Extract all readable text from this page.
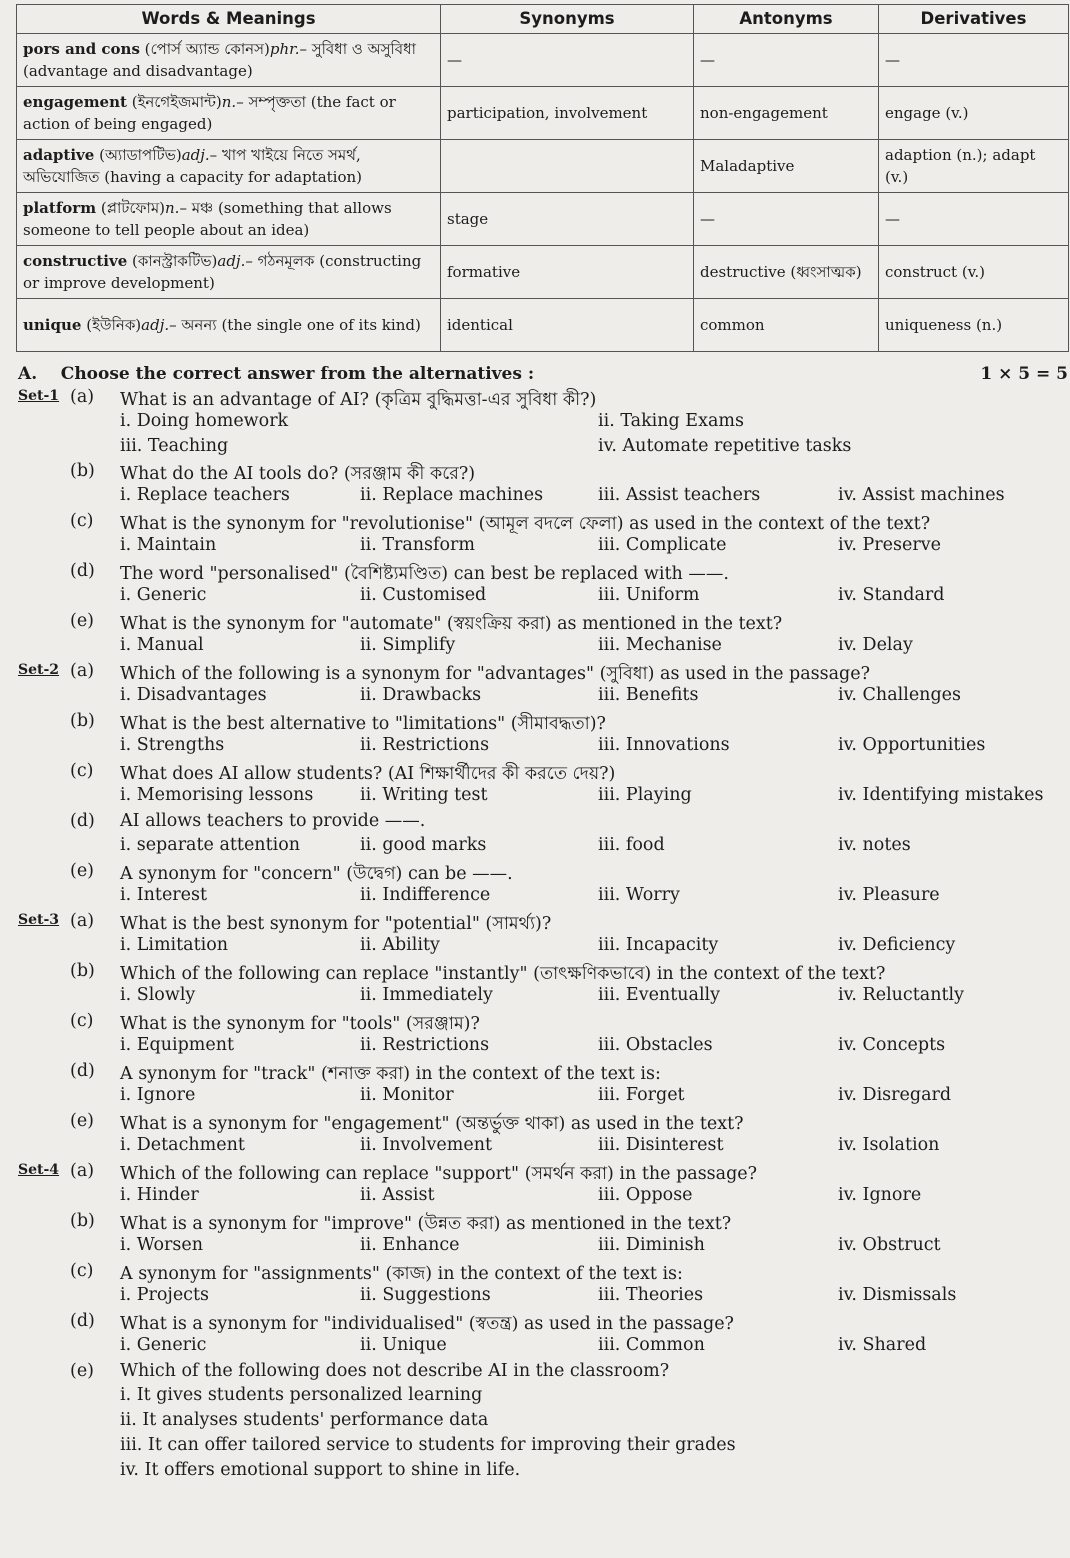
Words & Meanings	Synonyms	Antonyms	Derivatives
pors and cons (পোৰ্স অ্যান্ড কোনস)phr.– সুবিধা ও অসুবিধা (advantage and disadvantage)	—	—	—
engagement (ইনগেইজমান্ট)n.– সম্পৃক্ততা (the fact or action of being engaged)	participation, involvement	non-engagement	engage (v.)
adaptive (অ্যাডাপটিভ)adj.– খাপ খাইয়ে নিতে সমর্থ, অভিযোজিত (having a capacity for adaptation)		Maladaptive	adaption (n.); adapt (v.)
platform (প্লাটফোম)n.– মঞ্চ (something that allows someone to tell people about an idea)	stage	—	—
constructive (কানস্ট্রাকটিভ)adj.– গঠনমূলক (constructing or improve development)	formative	destructive (ধ্বংসাত্মক)	construct (v.)
unique (ইউনিক)adj.– অনন্য (the single one of its kind)	identical	common	uniqueness (n.)
A. Choose the correct answer from the alternatives :	1 × 5 = 5
Set-1 (a) What is an advantage of AI? (কৃত্রিম বুদ্ধিমত্তা-এর সুবিধা কী?)
i. Doing homework	ii. Taking Exams
iii. Teaching	iv. Automate repetitive tasks
(b) What do the AI tools do? (সরঞ্জাম কী করে?)
i. Replace teachers	ii. Replace machines	iii. Assist teachers	iv. Assist machines
(c) What is the synonym for "revolutionise" (আমূল বদলে ফেলা) as used in the context of the text?
i. Maintain	ii. Transform	iii. Complicate	iv. Preserve
(d) The word "personalised" (বৈশিষ্ট্যমণ্ডিত) can best be replaced with ——.
i. Generic	ii. Customised	iii. Uniform	iv. Standard
(e) What is the synonym for "automate" (স্বয়ংক্রিয় করা) as mentioned in the text?
i. Manual	ii. Simplify	iii. Mechanise	iv. Delay
Set-2 (a) Which of the following is a synonym for "advantages" (সুবিধা) as used in the passage?
i. Disadvantages	ii. Drawbacks	iii. Benefits	iv. Challenges
(b) What is the best alternative to "limitations" (সীমাবদ্ধতা)?
i. Strengths	ii. Restrictions	iii. Innovations	iv. Opportunities
(c) What does AI allow students? (AI শিক্ষার্থীদের কী করতে দেয়?)
i. Memorising lessons	ii. Writing test	iii. Playing	iv. Identifying mistakes
(d) AI allows teachers to provide ——.
i. separate attention	ii. good marks	iii. food	iv. notes
(e) A synonym for "concern" (উদ্বেগ) can be ——.
i. Interest	ii. Indifference	iii. Worry	iv. Pleasure
Set-3 (a) What is the best synonym for "potential" (সামর্থ্য)?
i. Limitation	ii. Ability	iii. Incapacity	iv. Deficiency
(b) Which of the following can replace "instantly" (তাৎক্ষণিকভাবে) in the context of the text?
i. Slowly	ii. Immediately	iii. Eventually	iv. Reluctantly
(c) What is the synonym for "tools" (সরঞ্জাম)?
i. Equipment	ii. Restrictions	iii. Obstacles	iv. Concepts
(d) A synonym for "track" (শনাক্ত করা) in the context of the text is:
i. Ignore	ii. Monitor	iii. Forget	iv. Disregard
(e) What is a synonym for "engagement" (অন্তর্ভুক্ত থাকা) as used in the text?
i. Detachment	ii. Involvement	iii. Disinterest	iv. Isolation
Set-4 (a) Which of the following can replace "support" (সমর্থন করা) in the passage?
i. Hinder	ii. Assist	iii. Oppose	iv. Ignore
(b) What is a synonym for "improve" (উন্নত করা) as mentioned in the text?
i. Worsen	ii. Enhance	iii. Diminish	iv. Obstruct
(c) A synonym for "assignments" (কাজ) in the context of the text is:
i. Projects	ii. Suggestions	iii. Theories	iv. Dismissals
(d) What is a synonym for "individualised" (স্বতন্ত্র) as used in the passage?
i. Generic	ii. Unique	iii. Common	iv. Shared
(e) Which of the following does not describe AI in the classroom?
i. It gives students personalized learning
ii. It analyses students' performance data
iii. It can offer tailored service to students for improving their grades
iv. It offers emotional support to shine in life.
